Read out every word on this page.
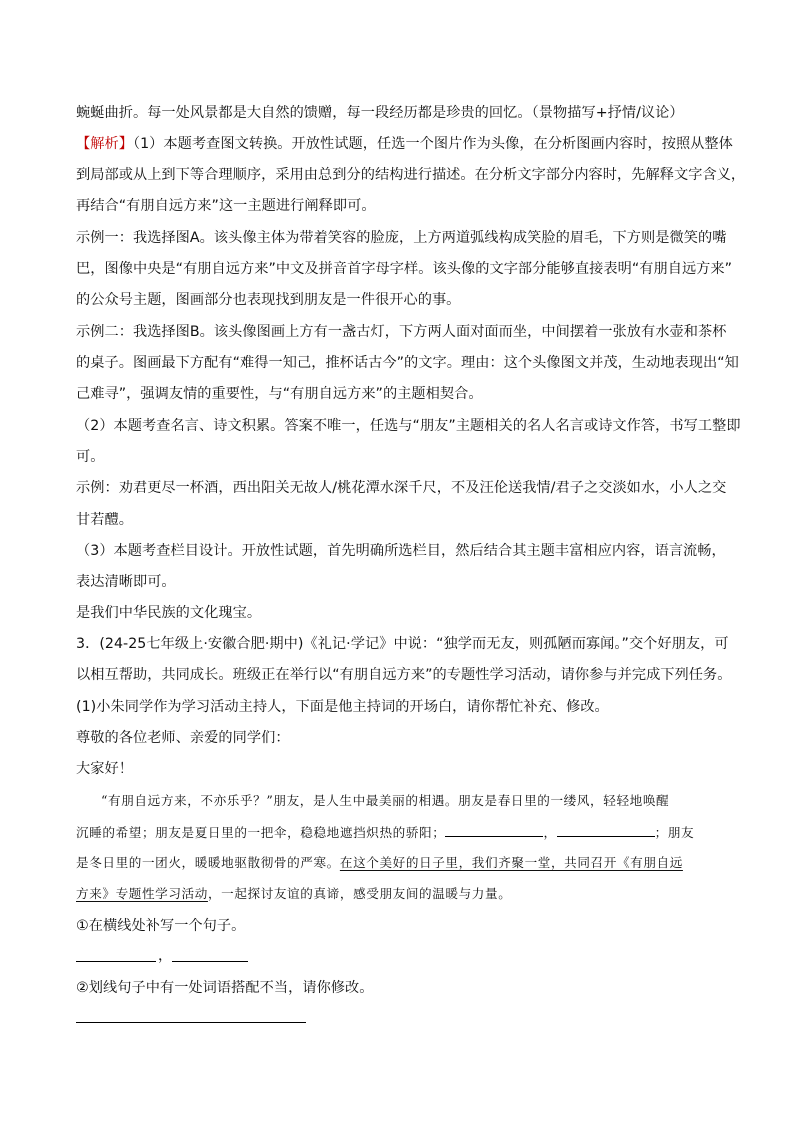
蜿蜒曲折。每一处风景都是大自然的馈赠，每一段经历都是珍贵的回忆。（景物描写+抒情/议论）
【解析】（1）本题考查图文转换。开放性试题，任选一个图片作为头像，在分析图画内容时，按照从整体
到局部或从上到下等合理顺序，采用由总到分的结构进行描述。在分析文字部分内容时，先解释文字含义，
再结合“有朋自远方来”这一主题进行阐释即可。
示例一：我选择图A。该头像主体为带着笑容的脸庞，上方两道弧线构成笑脸的眉毛，下方则是微笑的嘴
巴，图像中央是“有朋自远方来”中文及拼音首字母字样。该头像的文字部分能够直接表明“有朋自远方来”
的公众号主题，图画部分也表现找到朋友是一件很开心的事。
示例二：我选择图B。该头像图画上方有一盏古灯，下方两人面对面而坐，中间摆着一张放有水壶和茶杯
的桌子。图画最下方配有“难得一知己，推杯话古今”的文字。理由：这个头像图文并茂，生动地表现出“知
己难寻”，强调友情的重要性，与“有朋自远方来”的主题相契合。
（2）本题考查名言、诗文积累。答案不唯一，任选与“朋友”主题相关的名人名言或诗文作答，书写工整即
可。
示例：劝君更尽一杯酒，西出阳关无故人/桃花潭水深千尺，不及汪伦送我情/君子之交淡如水，小人之交
甘若醴。
（3）本题考查栏目设计。开放性试题，首先明确所选栏目，然后结合其主题丰富相应内容，语言流畅，
表达清晰即可。
是我们中华民族的文化瑰宝。
3．(24-25七年级上·安徽合肥·期中)《礼记·学记》中说：“独学而无友，则孤陋而寡闻。”交个好朋友，可
以相互帮助，共同成长。班级正在举行以“有朋自远方来”的专题性学习活动，请你参与并完成下列任务。
(1)小朱同学作为学习活动主持人，下面是他主持词的开场白，请你帮忙补充、修改。
尊敬的各位老师、亲爱的同学们：
大家好！
“有朋自远方来，不亦乐乎？”朋友，是人生中最美丽的相遇。朋友是春日里的一缕风，轻轻地唤醒
沉睡的希望；朋友是夏日里的一把伞，稳稳地遮挡炽热的骄阳；	，	；朋友
是冬日里的一团火，暖暖地驱散彻骨的严寒。在这个美好的日子里，我们齐聚一堂，共同召开《有朋自远
方来》专题性学习活动，一起探讨友谊的真谛，感受朋友间的温暖与力量。
①在横线处补写一个句子。
，
②划线句子中有一处词语搭配不当，请你修改。
